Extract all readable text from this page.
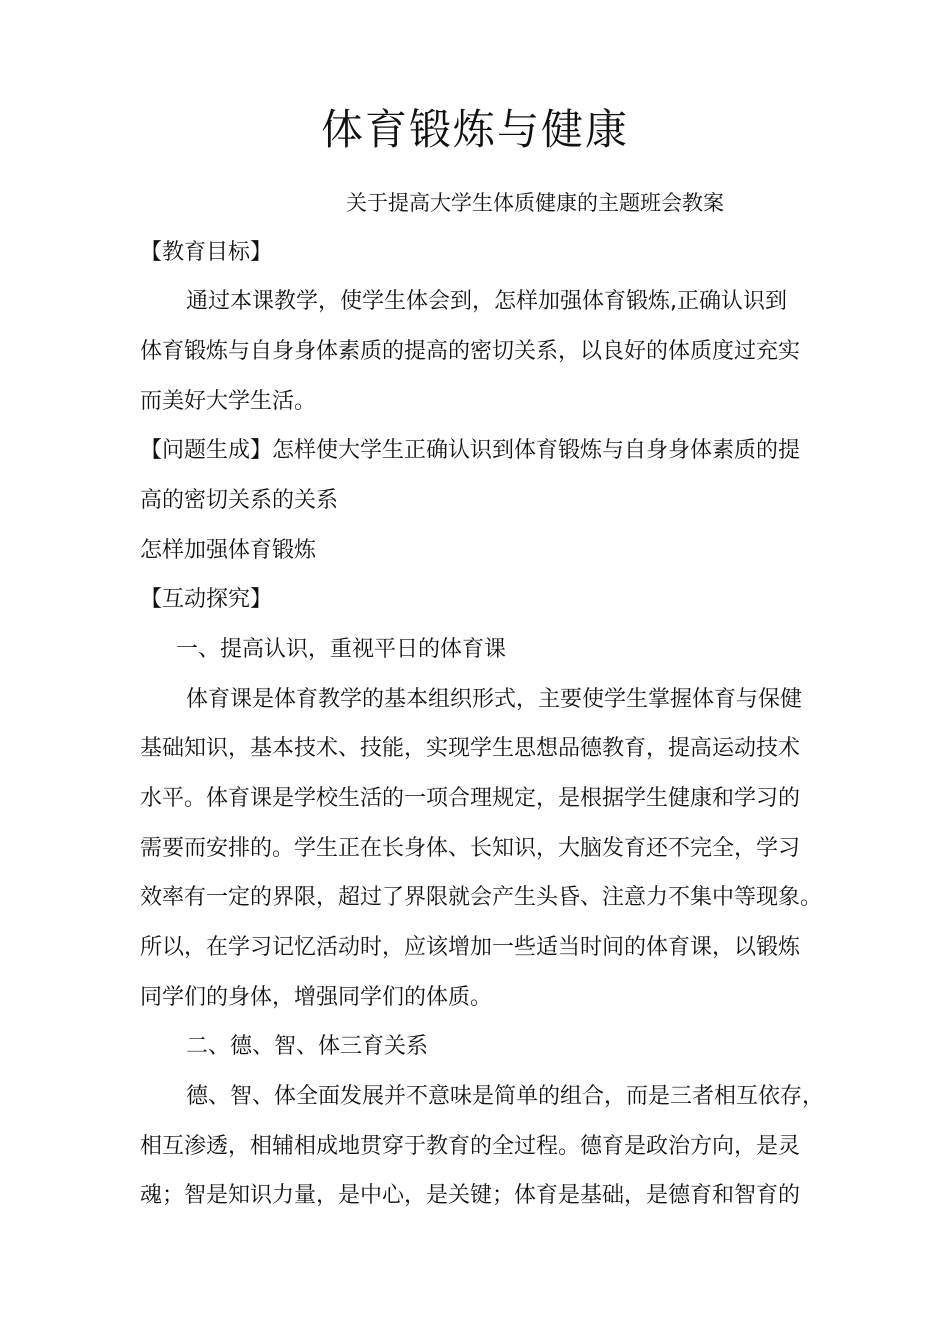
体育锻炼与健康
关于提高大学生体质健康的主题班会教案
【教育目标】
通过本课教学，使学生体会到，怎样加强体育锻炼,正确认识到
体育锻炼与自身身体素质的提高的密切关系，以良好的体质度过充实
而美好大学生活。
【问题生成】怎样使大学生正确认识到体育锻炼与自身身体素质的提
高的密切关系的关系
怎样加强体育锻炼
【互动探究】
一、提高认识，重视平日的体育课
体育课是体育教学的基本组织形式，主要使学生掌握体育与保健
基础知识，基本技术、技能，实现学生思想品德教育，提高运动技术
水平。体育课是学校生活的一项合理规定，是根据学生健康和学习的
需要而安排的。学生正在长身体、长知识，大脑发育还不完全，学习
效率有一定的界限，超过了界限就会产生头昏、注意力不集中等现象。
所以，在学习记忆活动时，应该增加一些适当时间的体育课，以锻炼
同学们的身体，增强同学们的体质。
二、德、智、体三育关系
德、智、体全面发展并不意味是简单的组合，而是三者相互依存，
相互渗透，相辅相成地贯穿于教育的全过程。德育是政治方向，是灵
魂；智是知识力量，是中心，是关键；体育是基础，是德育和智育的
